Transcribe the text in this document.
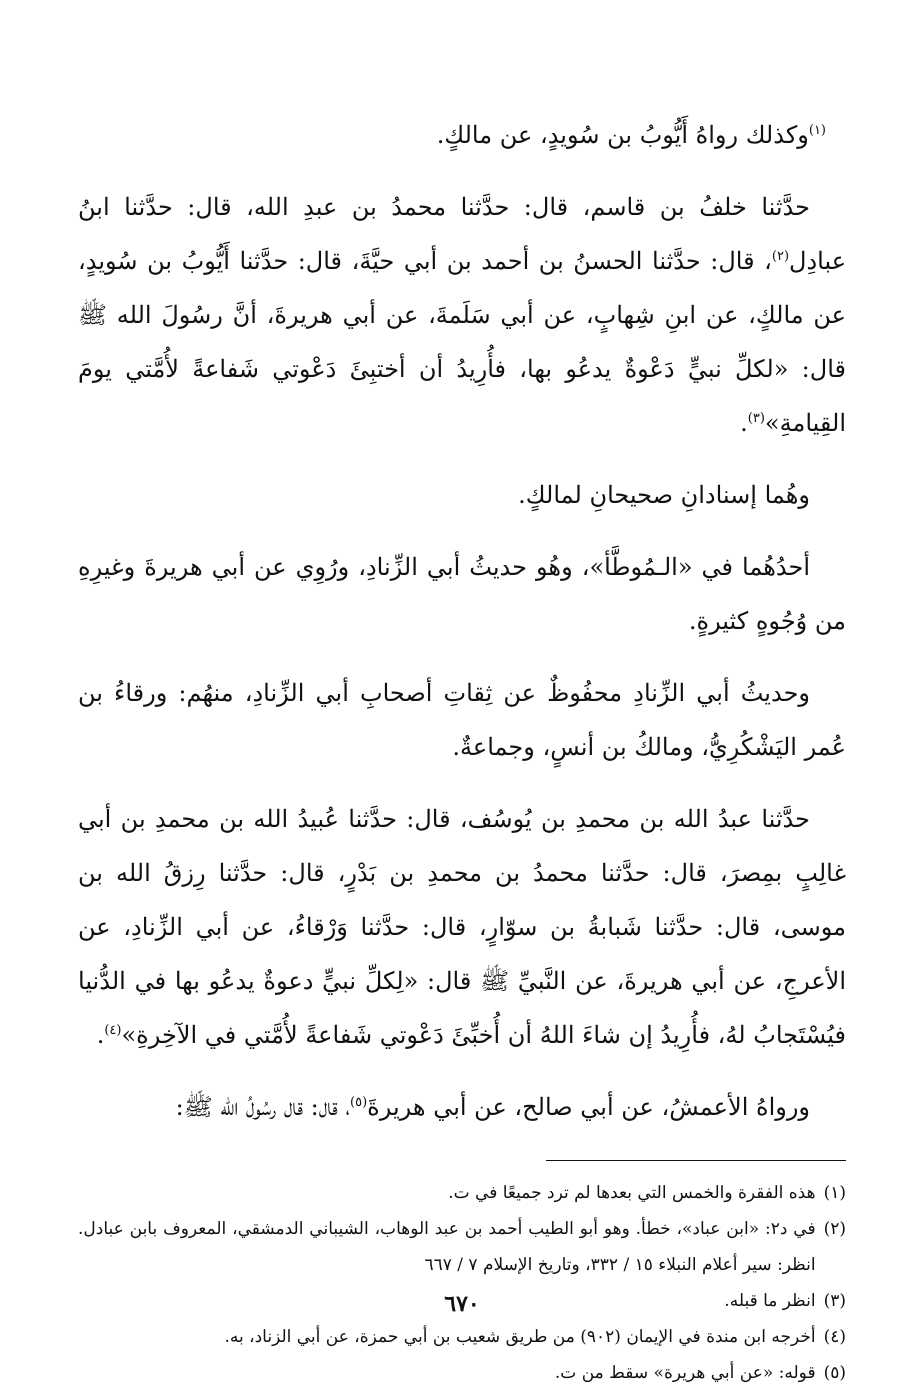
$^{(١)}$وكذلك رواهُ أَيُّوبُ بن سُويدٍ، عن مالكٍ.

حدَّثنا خلفُ بن قاسم، قال: حدَّثنا محمدُ بن عبدِ الله، قال: حدَّثنا ابنُ عبادِل$^{(٢)}$، قال: حدَّثنا الحسنُ بن أحمد بن أبي حيَّةَ، قال: حدَّثنا أَيُّوبُ بن سُويدٍ، عن مالكٍ، عن ابنِ شِهابٍ، عن أبي سَلَمةَ، عن أبي هريرةَ، أنَّ رسُولَ الله ﷺ قال: «لكلِّ نبيٍّ دَعْوةٌ يدعُو بها، فأُرِيدُ أن أختبِئَ دَعْوتي شَفاعةً لأُمَّتي يومَ القِيامةِ»$^{(٣)}$.

وهُما إسنادانِ صحيحانِ لمالكٍ.

أحدُهُما في «الـمُوطَّأ»، وهُو حديثُ أبي الزِّنادِ، ورُوِي عن أبي هريرةَ وغيرِهِ من وُجُوهٍ كثيرةٍ.

وحديثُ أبي الزِّنادِ محفُوظٌ عن ثِقاتِ أصحابِ أبي الزِّنادِ، منهُم: ورقاءُ بن عُمر اليَشْكُرِيُّ، ومالكُ بن أنسٍ، وجماعةٌ.

حدَّثنا عبدُ الله بن محمدِ بن يُوسُف، قال: حدَّثنا عُبيدُ الله بن محمدِ بن أبي غالِبٍ بمِصرَ، قال: حدَّثنا محمدُ بن محمدِ بن بَدْرٍ، قال: حدَّثنا رِزقُ الله بن موسى، قال: حدَّثنا شَبابةُ بن سوّارٍ، قال: حدَّثنا وَرْقاءُ، عن أبي الزِّنادِ، عن الأعرجِ، عن أبي هريرةَ، عن النَّبيِّ ﷺ قال: «لِكلِّ نبيٍّ دعوةٌ يدعُو بها في الدُّنيا فيُسْتَجابُ لهُ، فأُرِيدُ إن شاءَ اللهُ أن أُخبِّئَ دَعْوتي شَفاعةً لأُمَّتي في الآخِرةِ»$^{(٤)}$.

ورواهُ الأعمشُ، عن أبي صالح، عن أبي هريرةَ$^{(٥)}$، قال: قال رسُولُ الله ﷺ:

(١)
هذه الفقرة والخمس التي بعدها لم ترد جميعًا في ت.
(٢)
في د٢: «ابن عباد»، خطأ. وهو أبو الطيب أحمد بن عبد الوهاب، الشيباني الدمشقي، المعروف بابن عبادل. انظر: سير أعلام النبلاء ١٥ / ٣٣٢، وتاريخ الإسلام ٧ / ٦٦٧
(٣)
انظر ما قبله.
(٤)
أخرجه ابن مندة في الإيمان (٩٠٢) من طريق شعيب بن أبي حمزة، عن أبي الزناد، به.
(٥)
قوله: «عن أبي هريرة» سقط من ت.
٦٧٠
